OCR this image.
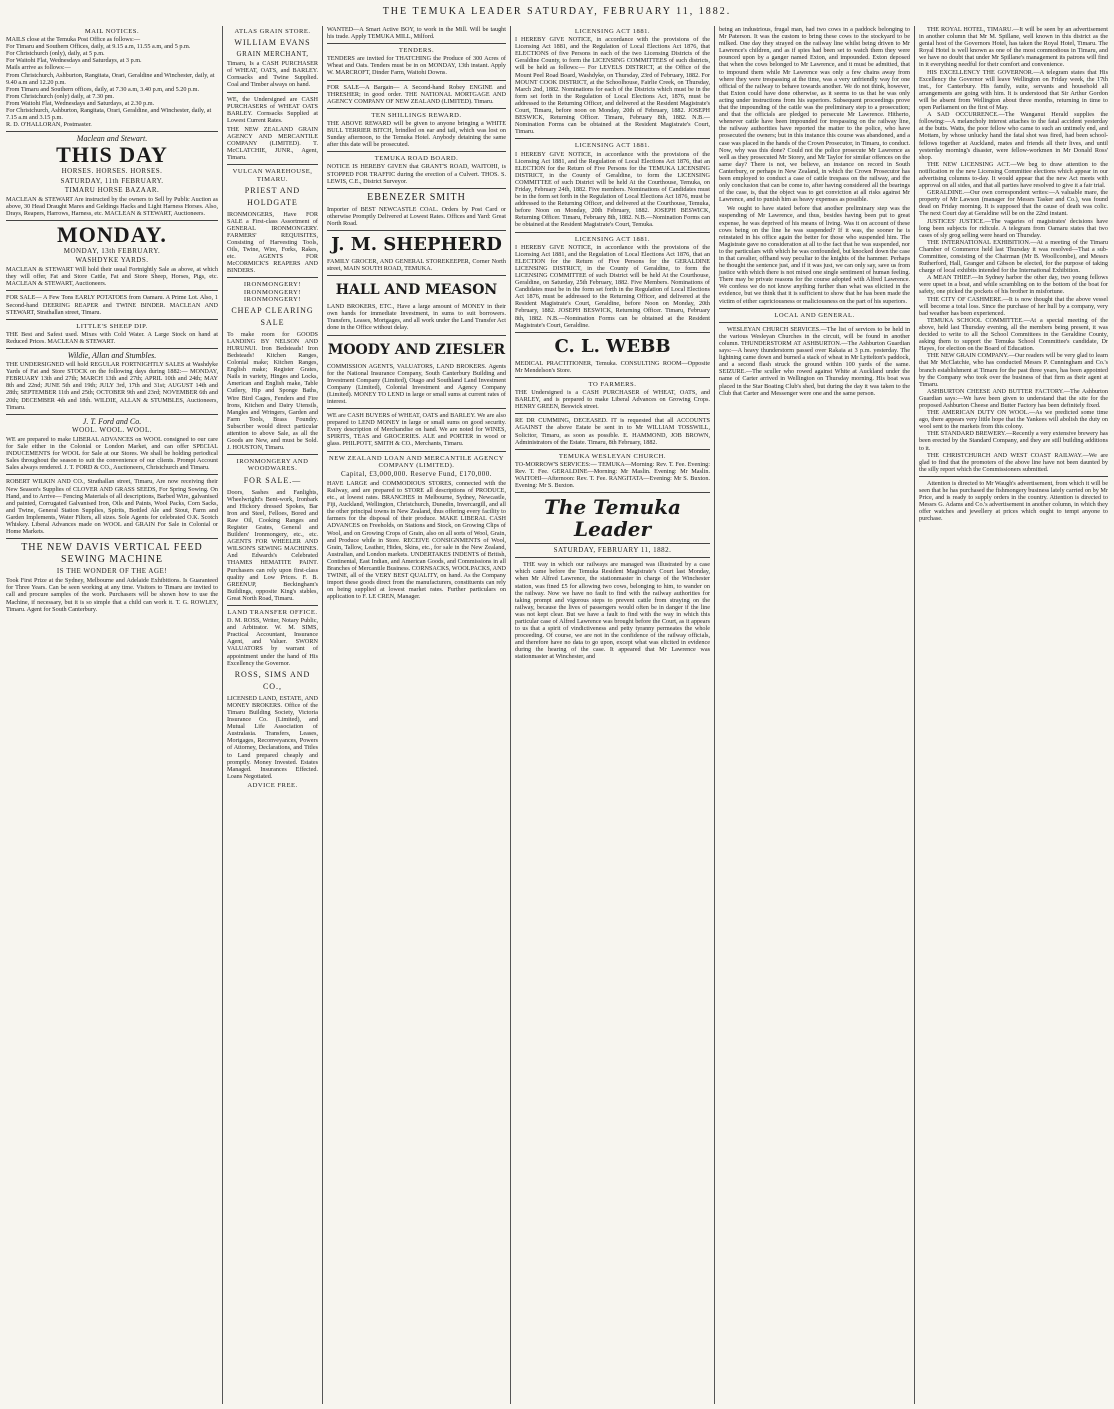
THE TEMUKA LEADER SATURDAY, FEBRUARY 11, 1882.
MAIL NOTICES.

MAILS close at the Temuka Post Office as follows:—

For Timaru and Southern Offices, daily, at 9.15 a.m, 11.55 a.m, and 5 p.m.

For Christchurch (only), daily, at 5 p.m.

For Waitohi Flat, Wednesdays and Saturdays, at 3 p.m.

Mails arrive as follows:—

From Christchurch, Ashburton, Rangitata, Orari, Geraldine and Winchester, daily, at 9.40 a.m and 12.20 p.m.

From Timaru and Southern offices, daily, at 7.30 a.m, 3.40 p.m, and 5.20 p.m.

From Christchurch (only) daily, at 7.30 pm.

From Waitohi Flat, Wednesdays and Saturdays, at 2.30 p.m.

For Christchurch, Ashburton, Rangitata, Orari, Geraldine, and Winchester, daily, at 7.15 a.m and 3.15 p.m.

R. D. O'HALLORAN, Postmaster.

Maclean and Stewart.
THIS DAY
HORSES. HORSES. HORSES.
SATURDAY, 11th FEBRUARY.
TIMARU HORSE BAZAAR.

MACLEAN & STEWART Are instructed by the owners to Sell by Public Auction as above, 30 Head Draught Mares and Geldings Hacks and Light Harness Horses. Also, Drays, Reapers, Harrows, Harness, etc. MACLEAN & STEWART, Auctioneers.

MONDAY.
MONDAY, 13th FEBRUARY.
WASHDYKE YARDS.

MACLEAN & STEWART Will hold their usual Fortnightly Sale as above, at which they will offer, Fat and Store Cattle, Fat and Store Sheep, Horses, Pigs, etc. MACLEAN & STEWART, Auctioneers.

FOR SALE— A Few Tons EARLY POTATOES from Oamaru. A Prime Lot. Also, 1 Second-hand DEERING REAPER and TWINE BINDER. MACLEAN AND STEWART, Strathallan street, Timaru.

LITTLE'S SHEEP DIP.

THE Best and Safest used. Mixes with Cold Water. A Large Stock on hand at Reduced Prices. MACLEAN & STEWART.

Wildie, Allan and Stumbles.

THE UNDERSIGNED will hold REGULAR FORTNIGHTLY SALES at Washdyke Yards of Fat and Store STOCK on the following days during 1882:— MONDAY, FEBRUARY 13th and 27th; MARCH 13th and 27th; APRIL 10th and 24th; MAY 8th and 22nd; JUNE 5th and 19th; JULY 3rd, 17th and 31st; AUGUST 14th and 28th; SEPTEMBER 11th and 25th; OCTOBER 9th and 23rd; NOVEMBER 6th and 20th; DECEMBER 4th and 18th. WILDIE, ALLAN & STUMBLES, Auctioneers, Timaru.

J. T. Ford and Co.
WOOL. WOOL. WOOL.

WE are prepared to make LIBERAL ADVANCES on WOOL consigned to our care for Sale either in the Colonial or London Market, and can offer SPECIAL INDUCEMENTS for WOOL for Sale at our Stores. We shall be holding periodical Sales throughout the season to suit the convenience of our clients. Prompt Account Sales always rendered. J. T. FORD & CO., Auctioneers, Christchurch and Timaru.

ROBERT WILKIN AND CO., Strathallan street, Timaru, Are now receiving their New Season's Supplies of CLOVER AND GRASS SEEDS, For Spring Sowing. On Hand, and to Arrive— Fencing Materials of all descriptions, Barbed Wire, galvanised and painted, Corrugated Galvanised Iron, Oils and Paints, Wool Packs, Corn Sacks, and Twine, General Station Supplies, Spirits, Bottled Ale and Stout, Farm and Garden Implements, Water Filters, all sizes. Sole Agents for celebrated O.K. Scotch Whiskey. Liberal Advances made on WOOL and GRAIN For Sale in Colonial or Home Markets.

THE NEW DAVIS VERTICAL FEED SEWING MACHINE
IS THE WONDER OF THE AGE!

Took First Prize at the Sydney, Melbourne and Adelaide Exhibitions. Is Guaranteed for Three Years. Can be seen working at any time. Visitors to Timaru are invited to call and procure samples of the work. Purchasers will be shown how to use the Machine, if necessary, but it is so simple that a child can work it. T. G. ROWLEY, Timaru. Agent for South Canterbury.

ATLAS GRAIN STORE.
WILLIAM EVANS
GRAIN MERCHANT,

Timaru, Is a CASH PURCHASER of WHEAT, OATS, and BARLEY. Cornsacks and Twine Supplied. Coal and Timber always on hand.

WE, the Undersigned are CASH PURCHASERS of WHEAT OATS BARLEY. Cornsacks Supplied at Lowest Current Rates.

THE NEW ZEALAND GRAIN AGENCY AND MERCANTILE COMPANY (LIMITED). T. McCLATCHIE, JUNR., Agent, Timaru.

VULCAN WAREHOUSE, TIMARU.
PRIEST AND HOLDGATE

IRONMONGERS, Have FOR SALE a First-class Assortment of GENERAL IRONMONGERY. FARMERS' REQUISITES, Consisting of Harvesting Tools, Oils, Twine, Wire, Forks, Rakes, etc. AGENTS FOR McCORMICK'S REAPERS AND BINDERS.

IRONMONGERY! IRONMONGERY! IRONMONGERY!
CHEAP CLEARING SALE

To make room for GOODS LANDING BY NELSON AND HURUNUI. Iron Bedsteads! Iron Bedsteads! Kitchen Ranges, Colonial make; Kitchen Ranges, English make; Register Grates, Nails in variety, Hinges and Locks, American and English make, Table Cutlery, Hip and Sponge Baths, Wire Bird Cages, Fenders and Fire Irons, Kitchen and Dairy Utensils, Mangles and Wringers, Garden and Farm Tools, Brass Foundry. Subscriber would direct particular attention to above Sale, as all the Goods are New, and must be Sold. J. HOUSTON, Timaru.

IRONMONGERY AND WOODWARES.
FOR SALE.—

Doors, Sashes and Fanlights, Wheelwright's Bent-work, Ironbark and Hickory dressed Spokes, Bar Iron and Steel, Felloes, Bored and Raw Oil, Cooking Ranges and Register Grates, General and Builders' Ironmongery, etc., etc. AGENTS FOR WHEELER AND WILSON'S SEWING MACHINES. And Edwards's Celebrated THAMES HEMATITE PAINT. Purchasers can rely upon first-class quality and Low Prices. F. B. GREENUP, Beckingham's Buildings, opposite King's stables, Great North Road, Timaru.

LAND TRANSFER OFFICE.

D. M. ROSS, Writer, Notary Public, and Arbitrator. W. M. SIMS, Practical Accountant, Insurance Agent, and Valuer. SWORN VALUATORS by warrant of appointment under the hand of His Excellency the Governor.

ROSS, SIMS AND CO.,

LICENSED LAND, ESTATE, AND MONEY BROKERS. Office of the Timaru Building Society, Victoria Insurance Co. (Limited), and Mutual Life Association of Australasia. Transfers, Leases, Mortgages, Reconveyances, Powers of Attorney, Declarations, and Titles to Land prepared cheaply and promptly. Money Invested. Estates Managed. Insurances Effected. Loans Negotiated.

ADVICE FREE.

WANTED—A Smart Active BOY, to work in the Mill. Will be taught his trade. Apply TEMUKA MILL, Milford.

TENDERS.

TENDERS are invited for THATCHING the Produce of 300 Acres of Wheat and Oats. Tenders must be in on MONDAY, 13th instant. Apply W. MARCROFT, Dinder Farm, Waitohi Downs.

FOR SALE—A Bargain— A Second-hand Robey ENGINE and THRESHER; in good order. THE NATIONAL MORTGAGE AND AGENCY COMPANY OF NEW ZEALAND (LIMITED). Timaru.

TEN SHILLINGS REWARD.

THE ABOVE REWARD will be given to anyone bringing a WHITE BULL TERRIER BITCH, brindled on ear and tail, which was lost on Sunday afternoon, to the Temuka Hotel. Anybody detaining the same after this date will be prosecuted.

TEMUKA ROAD BOARD.

NOTICE IS HEREBY GIVEN that GRANT'S ROAD, WAITOHI, is STOPPED FOR TRAFFIC during the erection of a Culvert. THOS. S. LEWIS, C.E., District Surveyor.

EBENEZER SMITH

Importer of BEST NEWCASTLE COAL. Orders by Post Card or otherwise Promptly Delivered at Lowest Rates. Offices and Yard: Great North Road.

J. M. SHEPHERD

FAMILY GROCER, AND GENERAL STOREKEEPER, Corner North street, MAIN SOUTH ROAD, TEMUKA.

HALL AND MEASON

LAND BROKERS, ETC., Have a large amount of MONEY in their own hands for immediate Investment, in sums to suit borrowers. Transfers, Leases, Mortgages, and all work under the Land Transfer Act done in the Office without delay.

MOODY AND ZIESLER

COMMISSION AGENTS, VALUATORS, LAND BROKERS. Agents for the National Insurance Company, South Canterbury Building and Investment Company (Limited), Otago and Southland Land Investment Company (Limited), Colonial Investment and Agency Company (Limited). MONEY TO LEND in large or small sums at current rates of interest.

WE are CASH BUYERS of WHEAT, OATS and BARLEY. We are also prepared to LEND MONEY in large or small sums on good security. Every description of Merchandise on hand. We are noted for WINES, SPIRITS, TEAS and GROCERIES. ALE and PORTER in wood or glass. PHILPOTT, SMITH & CO., Merchants, Timaru.

NEW ZEALAND LOAN AND MERCANTILE AGENCY COMPANY (LIMITED).
Capital, £3,000,000. Reserve Fund, £170,000.

HAVE LARGE and COMMODIOUS STORES, connected with the Railway, and are prepared to STORE all descriptions of PRODUCE, etc., at lowest rates. BRANCHES in Melbourne, Sydney, Newcastle, Fiji, Auckland, Wellington, Christchurch, Dunedin, Invercargill, and all the other principal towns in New Zealand, thus offering every facility to farmers for the disposal of their produce. MAKE LIBERAL CASH ADVANCES on Freeholds, on Stations and Stock, on Growing Clips of Wool, and on Growing Crops of Grain, also on all sorts of Wool, Grain, and Produce while in Store. RECEIVE CONSIGNMENTS of Wool, Grain, Tallow, Leather, Hides, Skins, etc., for sale in the New Zealand, Australian, and London markets. UNDERTAKES INDENTS of British, Continental, East Indian, and American Goods, and Commissions in all Branches of Mercantile Business. CORNSACKS, WOOLPACKS, AND TWINE, all of the VERY BEST QUALITY, on hand. As the Company import these goods direct from the manufacturers, constituents can rely on being supplied at lowest market rates. Further particulars on application to F. LE CREN, Manager.

LICENSING ACT 1881.

I HEREBY GIVE NOTICE, in accordance with the provisions of the Licensing Act 1881, and the Regulation of Local Elections Act 1876, that ELECTIONS of five Persons in each of the two Licensing Districts of the Geraldine County, to form the LICENSING COMMITTEES of such districts, will be held as follows:— For LEVELS DISTRICT, at the Office of the Mount Peel Road Board, Washdyke, on Thursday, 23rd of February, 1882. For MOUNT COOK DISTRICT, at the Schoolhouse, Fairlie Creek, on Thursday, March 2nd, 1882. Nominations for each of the Districts which must be in the form set forth in the Regulation of Local Elections Act, 1876, must be addressed to the Returning Officer, and delivered at the Resident Magistrate's Court, Timaru, before noon on Monday, 20th of February, 1882. JOSEPH BESWICK, Returning Officer. Timaru, February 8th, 1882. N.B.—Nomination Forms can be obtained at the Resident Magistrate's Court, Timaru.

LICENSING ACT 1881.

I HEREBY GIVE NOTICE, in accordance with the provisions of the Licensing Act 1881, and the Regulation of Local Elections Act 1876, that an ELECTION for the Return of Five Persons for the TEMUKA LICENSING DISTRICT, in the County of Geraldine, to form the LICENSING COMMITTEE of such District will be held At the Courthouse, Temuka, on Friday, February 24th, 1882. Five members. Nominations of Candidates must be in the form set forth in the Regulation of Local Elections Act 1876, must be addressed to the Returning Officer, and delivered at the Courthouse, Temuka, before Noon on Monday, 20th February, 1882. JOSEPH BESWICK, Returning Officer. Timaru, February 8th, 1882. N.B.—Nomination Forms can be obtained at the Resident Magistrate's Court, Temuka.

LICENSING ACT 1881.

I HEREBY GIVE NOTICE, in accordance with the provisions of the Licensing Act 1881, and the Regulation of Local Elections Act 1876, that an ELECTION for the Return of Five Persons for the GERALDINE LICENSING DISTRICT, in the County of Geraldine, to form the LICENSING COMMITTEE of such District will be held At the Courthouse, Geraldine, on Saturday, 25th February, 1882. Five Members. Nominations of Candidates must be in the form set forth in the Regulation of Local Elections Act 1876, must be addressed to the Returning Officer, and delivered at the Resident Magistrate's Court, Geraldine, before Noon on Monday, 20th February, 1882. JOSEPH BESWICK, Returning Officer. Timaru, February 8th, 1882. N.B.—Nomination Forms can be obtained at the Resident Magistrate's Court, Geraldine.

C. L. WEBB

MEDICAL PRACTITIONER, Temuka. CONSULTING ROOM—Opposite Mr Mendelson's Store.

TO FARMERS.

THE Undersigned is a CASH PURCHASER of WHEAT, OATS, and BARLEY, and is prepared to make Liberal Advances on Growing Crops. HENRY GREEN, Beswick street.

RE DR CUMMING, DECEASED. IT is requested that all ACCOUNTS AGAINST the above Estate be sent in to Mr WILLIAM TOSSWILL, Solicitor, Timaru, as soon as possible. E. HAMMOND, JOB BROWN, Administrators of the Estate. Timaru, 8th February, 1882.

TEMUKA WESLEYAN CHURCH.

TO-MORROW'S SERVICES:— TEMUKA—Morning: Rev. T. Fee. Evening: Rev. T. Fee. GERALDINE—Morning: Mr Maslin. Evening: Mr Maslin. WAITOHI—Afternoon: Rev. T. Fee. RANGITATA—Evening: Mr S. Buxton. Evening: Mr S. Buxton.

The Temuka Leader
SATURDAY, FEBRUARY 11, 1882.

THE way in which our railways are managed was illustrated by a case which came before the Temuka Resident Magistrate's Court last Monday, when Mr Alfred Lawrence, the stationmaster in charge of the Winchester station, was fined £5 for allowing two cows, belonging to him, to wander on the railway. Now we have no fault to find with the railway authorities for taking prompt and vigorous steps to prevent cattle from straying on the railway, because the lives of passengers would often be in danger if the line was not kept clear. But we have a fault to find with the way in which this particular case of Alfred Lawrence was brought before the Court, as it appears to us that a spirit of vindictiveness and petty tyranny permeates the whole proceeding. Of course, we are not in the confidence of the railway officials, and therefore have no data to go upon, except what was elicited in evidence during the hearing of the case. It appeared that Mr Lawrence was stationmaster at Winchester, and

being an industrious, frugal man, had two cows in a paddock belonging to Mr Paterson. It was the custom to bring these cows to the stockyard to be milked. One day they strayed on the railway line whilst being driven to Mr Lawrence's children, and as if spies had been set to watch them they were pounced upon by a ganger named Exton, and impounded. Exton deposed that when the cows belonged to Mr Lawrence, and it must be admitted, that to impound them while Mr Lawrence was only a few chains away from where they were trespassing at the time, was a very unfriendly way for one official of the railway to behave towards another. We do not think, however, that Exton could have done otherwise, as it seems to us that he was only acting under instructions from his superiors. Subsequent proceedings prove that the impounding of the cattle was the preliminary step to a prosecution; and that the officials are pledged to persecute Mr Lawrence. Hitherto, whenever cattle have been impounded for trespassing on the railway line, the railway authorities have reported the matter to the police, who have prosecuted the owners; but in this instance this course was abandoned, and a case was placed in the hands of the Crown Prosecutor, in Timaru, to conduct. Now, why was this done? Could not the police prosecute Mr Lawrence as well as they prosecuted Mr Storey, and Mr Taylor for similar offences on the same day? There is not, we believe, an instance on record in South Canterbury, or perhaps in New Zealand, in which the Crown Prosecutor has been employed to conduct a case of cattle trespass on the railway, and the only conclusion that can be come to, after having considered all the bearings of the case, is, that the object was to get conviction at all risks against Mr Lawrence, and to punish him as heavy expenses as possible.

We ought to have stated before that another preliminary step was the suspending of Mr Lawrence, and thus, besides having been put to great expense, he was deprived of his means of living. Was it on account of these cows being on the line he was suspended? If it was, the sooner he is reinstated in his office again the better for those who suspended him. The Magistrate gave no consideration at all to the fact that he was suspended, nor to the particulars with which he was confounded, but knocked down the case in that cavalier, offhand way peculiar to the knights of the hammer. Perhaps he thought the sentence just, and if it was just, we can only say, save us from justice with which there is not mixed one single sentiment of human feeling. There may be private reasons for the course adopted with Alfred Lawrence. We confess we do not know anything further than what was elicited in the evidence, but we think that it is sufficient to show that he has been made the victim of either capriciousness or maliciousness on the part of his superiors.

LOCAL AND GENERAL.

WESLEYAN CHURCH SERVICES.—The list of services to be held in the various Wesleyan Churches in the circuit, will be found in another column. THUNDERSTORM AT ASHBURTON.—The Ashburton Guardian says:—A heavy thunderstorm passed over Rakaia at 3 p.m. yesterday. The lightning came down and burned a stack of wheat in Mr Lyttelton's paddock, and a second flash struck the ground within 100 yards of the same. SEIZURE.—The sculler who rowed against White at Auckland under the name of Carter arrived in Wellington on Thursday morning. His boat was placed in the Star Boating Club's shed, but during the day it was taken to the Club that Carter and Messenger were one and the same person.

THE ROYAL HOTEL, TIMARU.—It will be seen by an advertisement in another column that Mr M. Spillane, well known in this district as the genial host of the Governors Hotel, has taken the Royal Hotel, Timaru. The Royal Hotel is well known as one of the most commodious in Timaru, and we have no doubt that under Mr Spillane's management its patrons will find in it everything needful for their comfort and convenience.

HIS EXCELLENCY THE GOVERNOR.—A telegram states that His Excellency the Governor will leave Wellington on Friday week, the 17th inst., for Canterbury. His family, suite, servants and household all arrangements are going with him. It is understood that Sir Arthur Gordon will be absent from Wellington about three months, returning in time to open Parliament on the first of May.

A SAD OCCURRENCE.—The Wanganui Herald supplies the following:—A melancholy interest attaches to the fatal accident yesterday at the butts. Watts, the poor fellow who came to such an untimely end, and Mottam, by whose unlucky hand the fatal shot was fired, had been school-fellows together at Auckland, mates and friends all their lives, and until yesterday morning's disaster, were fellow-workmen in Mr Donald Ross' shop.

THE NEW LICENSING ACT.—We beg to draw attention to the notification re the new Licensing Committee elections which appear in our advertising columns to-day. It would appear that the new Act meets with approval on all sides, and that all parties have resolved to give it a fair trial.

GERALDINE.—Our own correspondent writes:—A valuable mare, the property of Mr Lawson (manager for Messrs Tasker and Co.), was found dead on Friday morning. It is supposed that the cause of death was colic. The next Court day at Geraldine will be on the 22nd instant.

JUSTICES' JUSTICE.—The vagaries of magistrates' decisions have long been subjects for ridicule. A telegram from Oamaru states that two cases of sly grog selling were heard on Thursday.

THE INTERNATIONAL EXHIBITION.—At a meeting of the Timaru Chamber of Commerce held last Thursday it was resolved—That a sub-Committee, consisting of the Chairman (Mr B. Woollcombe), and Messrs Rutherford, Hall, Granger and Gibson be elected, for the purpose of taking charge of local exhibits intended for the International Exhibition.

A MEAN THIEF.—In Sydney harbor the other day, two young fellows were upset in a boat, and while scrambling on to the bottom of the boat for safety, one picked the pockets of his brother in misfortune.

THE CITY OF CASHMERE.—It is now thought that the above vessel will become a total loss. Since the purchase of her hull by a company, very bad weather has been experienced.

TEMUKA SCHOOL COMMITTEE.—At a special meeting of the above, held last Thursday evening, all the members being present, it was decided to write to all the School Committees in the Geraldine County, asking them to support the Temuka School Committee's candidate, Dr Hayes, for election on the Board of Education.

THE NEW GRAIN COMPANY.—Our readers will be very glad to learn that Mr McClatchie, who has conducted Messrs P. Cunningham and Co.'s branch establishment at Timaru for the past three years, has been appointed by the Company who took over the business of that firm as their agent at Timaru.

ASHBURTON CHEESE AND BUTTER FACTORY.—The Ashburton Guardian says:—We have been given to understand that the site for the proposed Ashburton Cheese and Butter Factory has been definitely fixed.

THE AMERICAN DUTY ON WOOL.—As we predicted some time ago, there appears very little hope that the Yankees will abolish the duty on wool sent to the markets from this colony.

THE STANDARD BREWERY.—Recently a very extensive brewery has been erected by the Standard Company, and they are still building additions to it.

THE CHRISTCHURCH AND WEST COAST RAILWAY.—We are glad to find that the promoters of the above line have not been daunted by the silly report which the Commissioners submitted.

Attention is directed to Mr Waugh's advertisement, from which it will be seen that he has purchased the fishmongery business lately carried on by Mr Price, and is ready to supply orders in the country. Attention is directed to Messrs G. Adams and Co.'s advertisement in another column, in which they offer watches and jewellery at prices which ought to tempt anyone to purchase.
